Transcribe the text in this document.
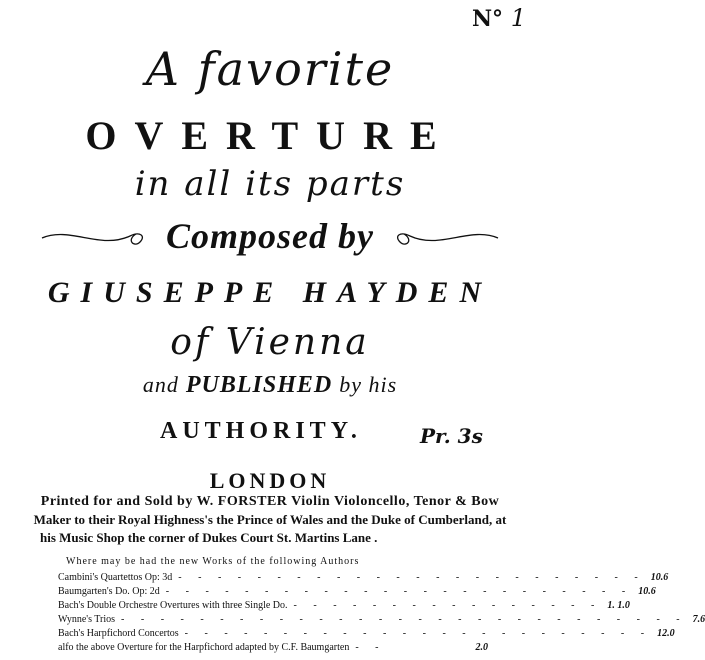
N° 1
A favorite
OVERTURE
in all its parts
Composed by
GIUSEPPE HAYDEN
of Vienna
and PUBLISHED by his
AUTHORITY.	Pr. 3s
LONDON
Printed for and Sold by W. FORSTER Violin Violoncello, Tenor & Bow
Maker to their Royal Highness's the Prince of Wales and the Duke of Cumberland, at
his Music Shop the corner of Dukes Court St. Martins Lane .
Where may be had the new Works of the following Authors
Cambini's Quartettos Op: 3d - - - - - - - - - - - - - - - - - - - - - - - - 10.6
Baumgarten's Do. Op: 2d - - - - - - - - - - - - - - - - - - - - - - - - 10.6
Bach's Double Orchestre Overtures with three Single Do. - - - - - - - - - - - - - - - - 1. 1.0
Wynne's Trios - - - - - - - - - - - - - - - - - - - - - - - - - - - - - 7.6
Bach's Harpfichord Concertos - - - - - - - - - - - - - - - - - - - - - - - - 12.0
alfo the above Overture for the Harpfichord adapted by C.F. Baumgarten - -	2.0
